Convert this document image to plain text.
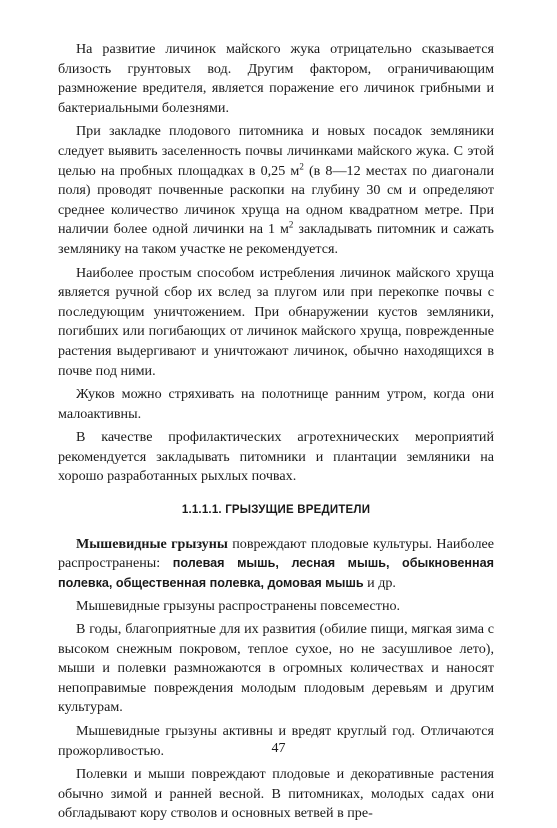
На развитие личинок майского жука отрицательно сказывается близость грунтовых вод. Другим фактором, ограничивающим размножение вредителя, является поражение его личинок грибными и бактериальными болезнями.

При закладке плодового питомника и новых посадок земляники следует выявить заселенность почвы личинками майского жука. С этой целью на пробных площадках в 0,25 $м^2$ (в 8—12 местах по диагонали поля) проводят почвенные раскопки на глубину 30 см и определяют среднее количество личинок хруща на одном квадратном метре. При наличии более одной личинки на 1 $м^2$ закладывать питомник и сажать землянику на таком участке не рекомендуется.

Наиболее простым способом истребления личинок майского хруща является ручной сбор их вслед за плугом или при перекопке почвы с последующим уничтожением. При обнаружении кустов земляники, погибших или погибающих от личинок майского хруща, поврежденные растения выдергивают и уничтожают личинок, обычно находящихся в почве под ними.

Жуков можно стряхивать на полотнище ранним утром, когда они малоактивны.

В качестве профилактических агротехнических мероприятий рекомендуется закладывать питомники и плантации земляники на хорошо разработанных рыхлых почвах.

1.1.1.1. ГРЫЗУЩИЕ ВРЕДИТЕЛИ

Мышевидные грызуны повреждают плодовые культуры. Наиболее распространены: полевая мышь, лесная мышь, обыкновенная полевка, общественная полевка, домовая мышь и др.

Мышевидные грызуны распространены повсеместно.

В годы, благоприятные для их развития (обилие пищи, мягкая зима с высоком снежным покровом, теплое сухое, но не засушливое лето), мыши и полевки размножаются в огромных количествах и наносят непоправимые повреждения молодым плодовым деревьям и другим культурам.

Мышевидные грызуны активны и вредят круглый год. Отличаются прожорливостью.

Полевки и мыши повреждают плодовые и декоративные растения обычно зимой и ранней весной. В питомниках, молодых садах они обгладывают кору стволов и основных ветвей в пре-

47
